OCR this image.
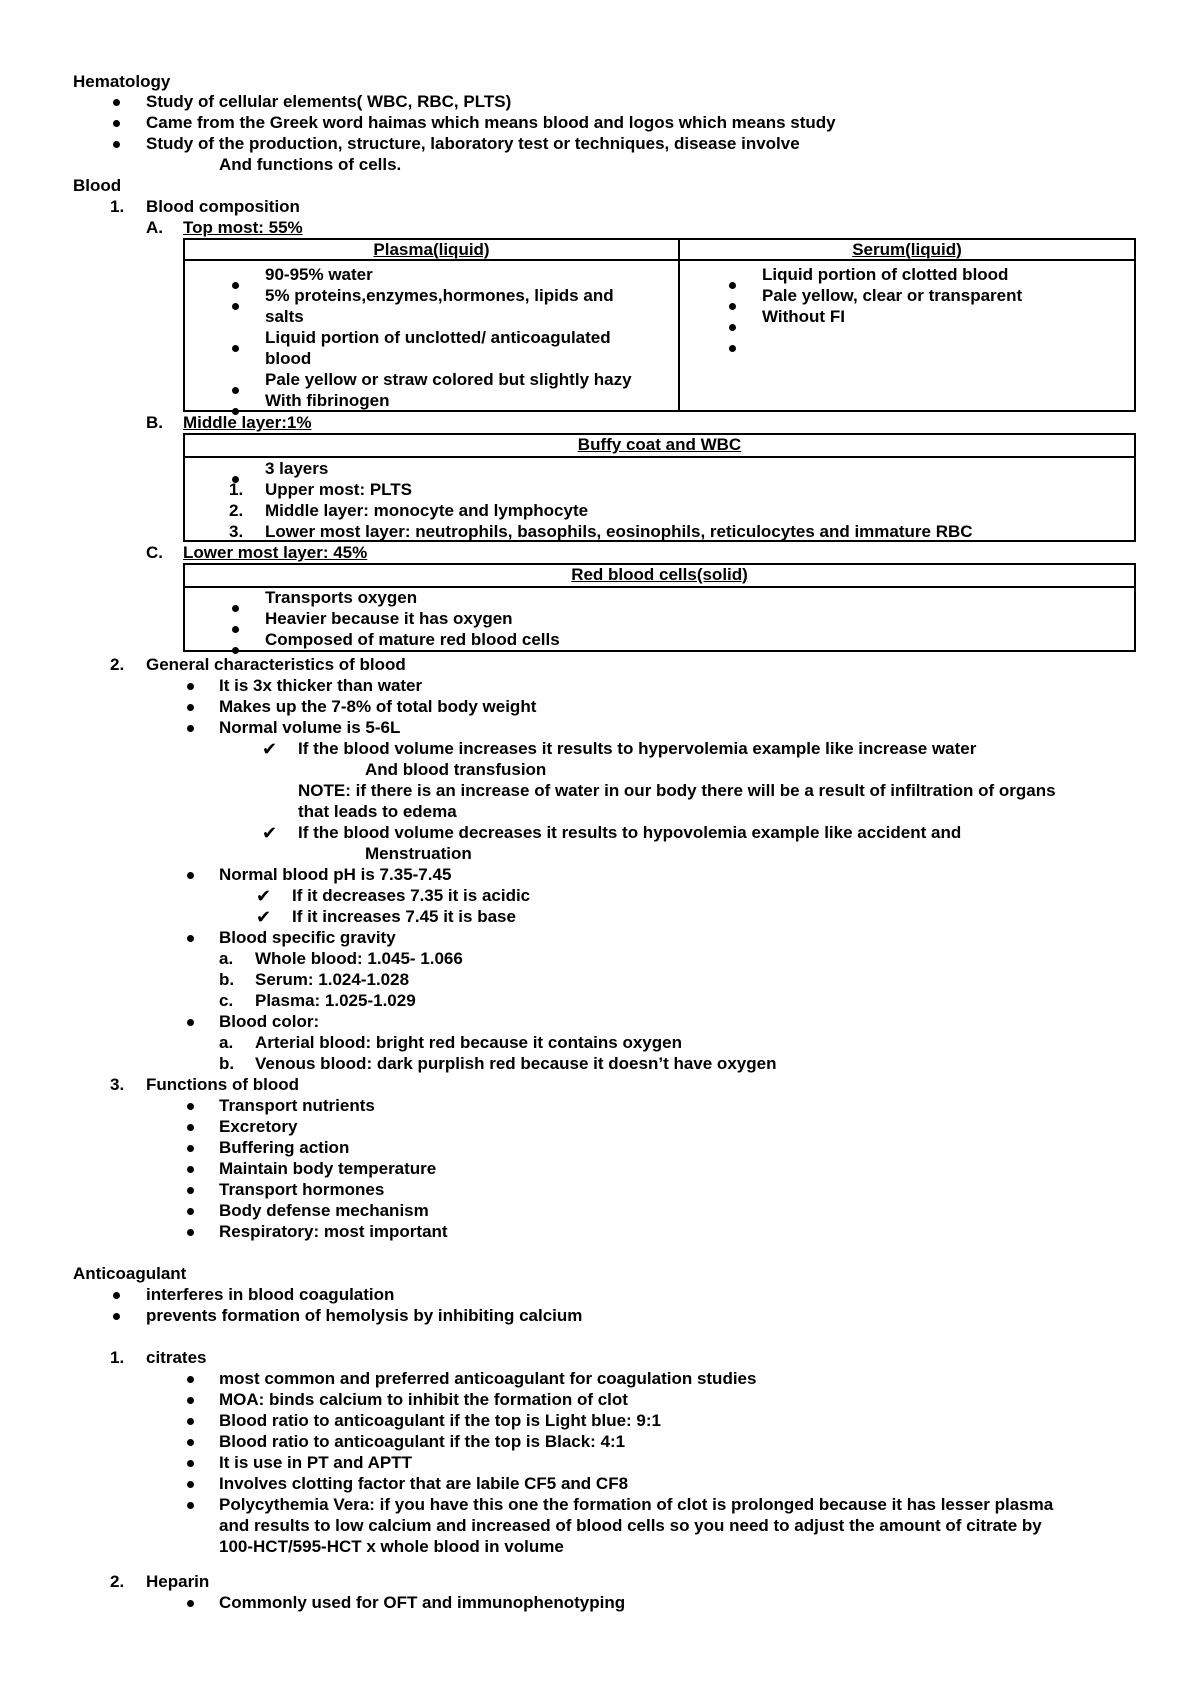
Hematology
Study of cellular elements( WBC, RBC, PLTS)
Came from the Greek word haimas which means blood and logos which means study
Study of the production, structure, laboratory test or techniques, disease involve
And functions of cells.
Blood
1. Blood composition
A. Top most: 55%
Plasma(liquid)	Serum(liquid)
90-95% water
5% proteins,enzymes,hormones, lipids and
salts
Liquid portion of unclotted/ anticoagulated
blood
Pale yellow or straw colored but slightly hazy
With fibrinogen
Liquid portion of clotted blood
Pale yellow, clear or transparent
Without FI
B. Middle layer:1%
Buffy coat and WBC
3 layers
1. Upper most: PLTS
2. Middle layer: monocyte and lymphocyte
3. Lower most layer: neutrophils, basophils, eosinophils, reticulocytes and immature RBC
C. Lower most layer: 45%
Red blood cells(solid)
Transports oxygen
Heavier because it has oxygen
Composed of mature red blood cells
2. General characteristics of blood
It is 3x thicker than water
Makes up the 7-8% of total body weight
Normal volume is 5-6L
✔ If the blood volume increases it results to hypervolemia example like increase water
And blood transfusion
NOTE: if there is an increase of water in our body there will be a result of infiltration of organs
that leads to edema
✔ If the blood volume decreases it results to hypovolemia example like accident and
Menstruation
Normal blood pH is 7.35-7.45
✔ If it decreases 7.35 it is acidic
✔ If it increases 7.45 it is base
Blood specific gravity
a. Whole blood: 1.045- 1.066
b. Serum: 1.024-1.028
c. Plasma: 1.025-1.029
Blood color:
a. Arterial blood: bright red because it contains oxygen
b. Venous blood: dark purplish red because it doesn’t have oxygen
3. Functions of blood
Transport nutrients
Excretory
Buffering action
Maintain body temperature
Transport hormones
Body defense mechanism
Respiratory: most important
Anticoagulant
interferes in blood coagulation
prevents formation of hemolysis by inhibiting calcium
1. citrates
most common and preferred anticoagulant for coagulation studies
MOA: binds calcium to inhibit the formation of clot
Blood ratio to anticoagulant if the top is Light blue: 9:1
Blood ratio to anticoagulant if the top is Black: 4:1
It is use in PT and APTT
Involves clotting factor that are labile CF5 and CF8
Polycythemia Vera: if you have this one the formation of clot is prolonged because it has lesser plasma
and results to low calcium and increased of blood cells so you need to adjust the amount of citrate by
100-HCT/595-HCT x whole blood in volume
2. Heparin
Commonly used for OFT and immunophenotyping
